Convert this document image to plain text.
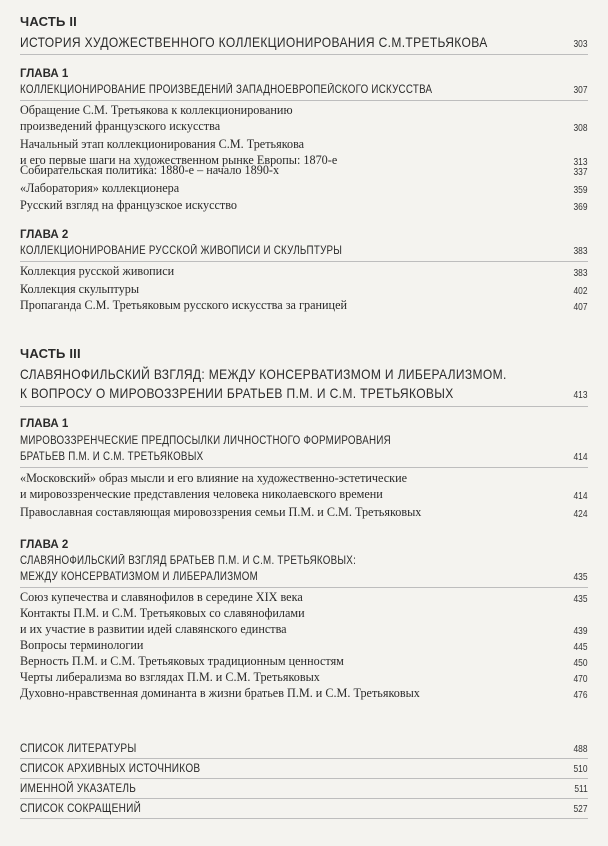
ЧАСТЬ II
ИСТОРИЯ ХУДОЖЕСТВЕННОГО КОЛЛЕКЦИОНИРОВАНИЯ С.М.ТРЕТЬЯКОВА	303
ГЛАВА 1
КОЛЛЕКЦИОНИРОВАНИЕ ПРОИЗВЕДЕНИЙ ЗАПАДНОЕВРОПЕЙСКОГО ИСКУССТВА	307
Обращение С.М. Третьякова к коллекционированию
произведений французского искусства	308
Начальный этап коллекционирования С.М. Третьякова
и его первые шаги на художественном рынке Европы: 1870-е	313
Собирательская политика: 1880-е – начало 1890-х	337
«Лаборатория» коллекционера	359
Русский взгляд на французское искусство	369
ГЛАВА 2
КОЛЛЕКЦИОНИРОВАНИЕ РУССКОЙ ЖИВОПИСИ И СКУЛЬПТУРЫ	383
Коллекция русской живописи	383
Коллекция скульптуры	402
Пропаганда С.М. Третьяковым русского искусства за границей	407
ЧАСТЬ III
СЛАВЯНОФИЛЬСКИЙ ВЗГЛЯД: МЕЖДУ КОНСЕРВАТИЗМОМ И ЛИБЕРАЛИЗМОМ.
К ВОПРОСУ О МИРОВОЗЗРЕНИИ БРАТЬЕВ П.М. И С.М. ТРЕТЬЯКОВЫХ	413
ГЛАВА 1
МИРОВОЗЗРЕНЧЕСКИЕ ПРЕДПОСЫЛКИ ЛИЧНОСТНОГО ФОРМИРОВАНИЯ
БРАТЬЕВ П.М. И С.М. ТРЕТЬЯКОВЫХ	414
«Московский» образ мысли и его влияние на художественно-эстетические
и мировоззренческие представления человека николаевского времени	414
Православная составляющая мировоззрения семьи П.М. и С.М. Третьяковых	424
ГЛАВА 2
СЛАВЯНОФИЛЬСКИЙ ВЗГЛЯД БРАТЬЕВ П.М. И С.М. ТРЕТЬЯКОВЫХ:
МЕЖДУ КОНСЕРВАТИЗМОМ И ЛИБЕРАЛИЗМОМ	435
Союз купечества и славянофилов в середине XIX века	435
Контакты П.М. и С.М. Третьяковых со славянофилами
и их участие в развитии идей славянского единства	439
Вопросы терминологии	445
Верность П.М. и С.М. Третьяковых традиционным ценностям	450
Черты либерализма во взглядах П.М. и С.М. Третьяковых	470
Духовно-нравственная доминанта в жизни братьев П.М. и С.М. Третьяковых	476
СПИСОК ЛИТЕРАТУРЫ	488
СПИСОК АРХИВНЫХ ИСТОЧНИКОВ	510
ИМЕННОЙ УКАЗАТЕЛЬ	511
СПИСОК СОКРАЩЕНИЙ	527
